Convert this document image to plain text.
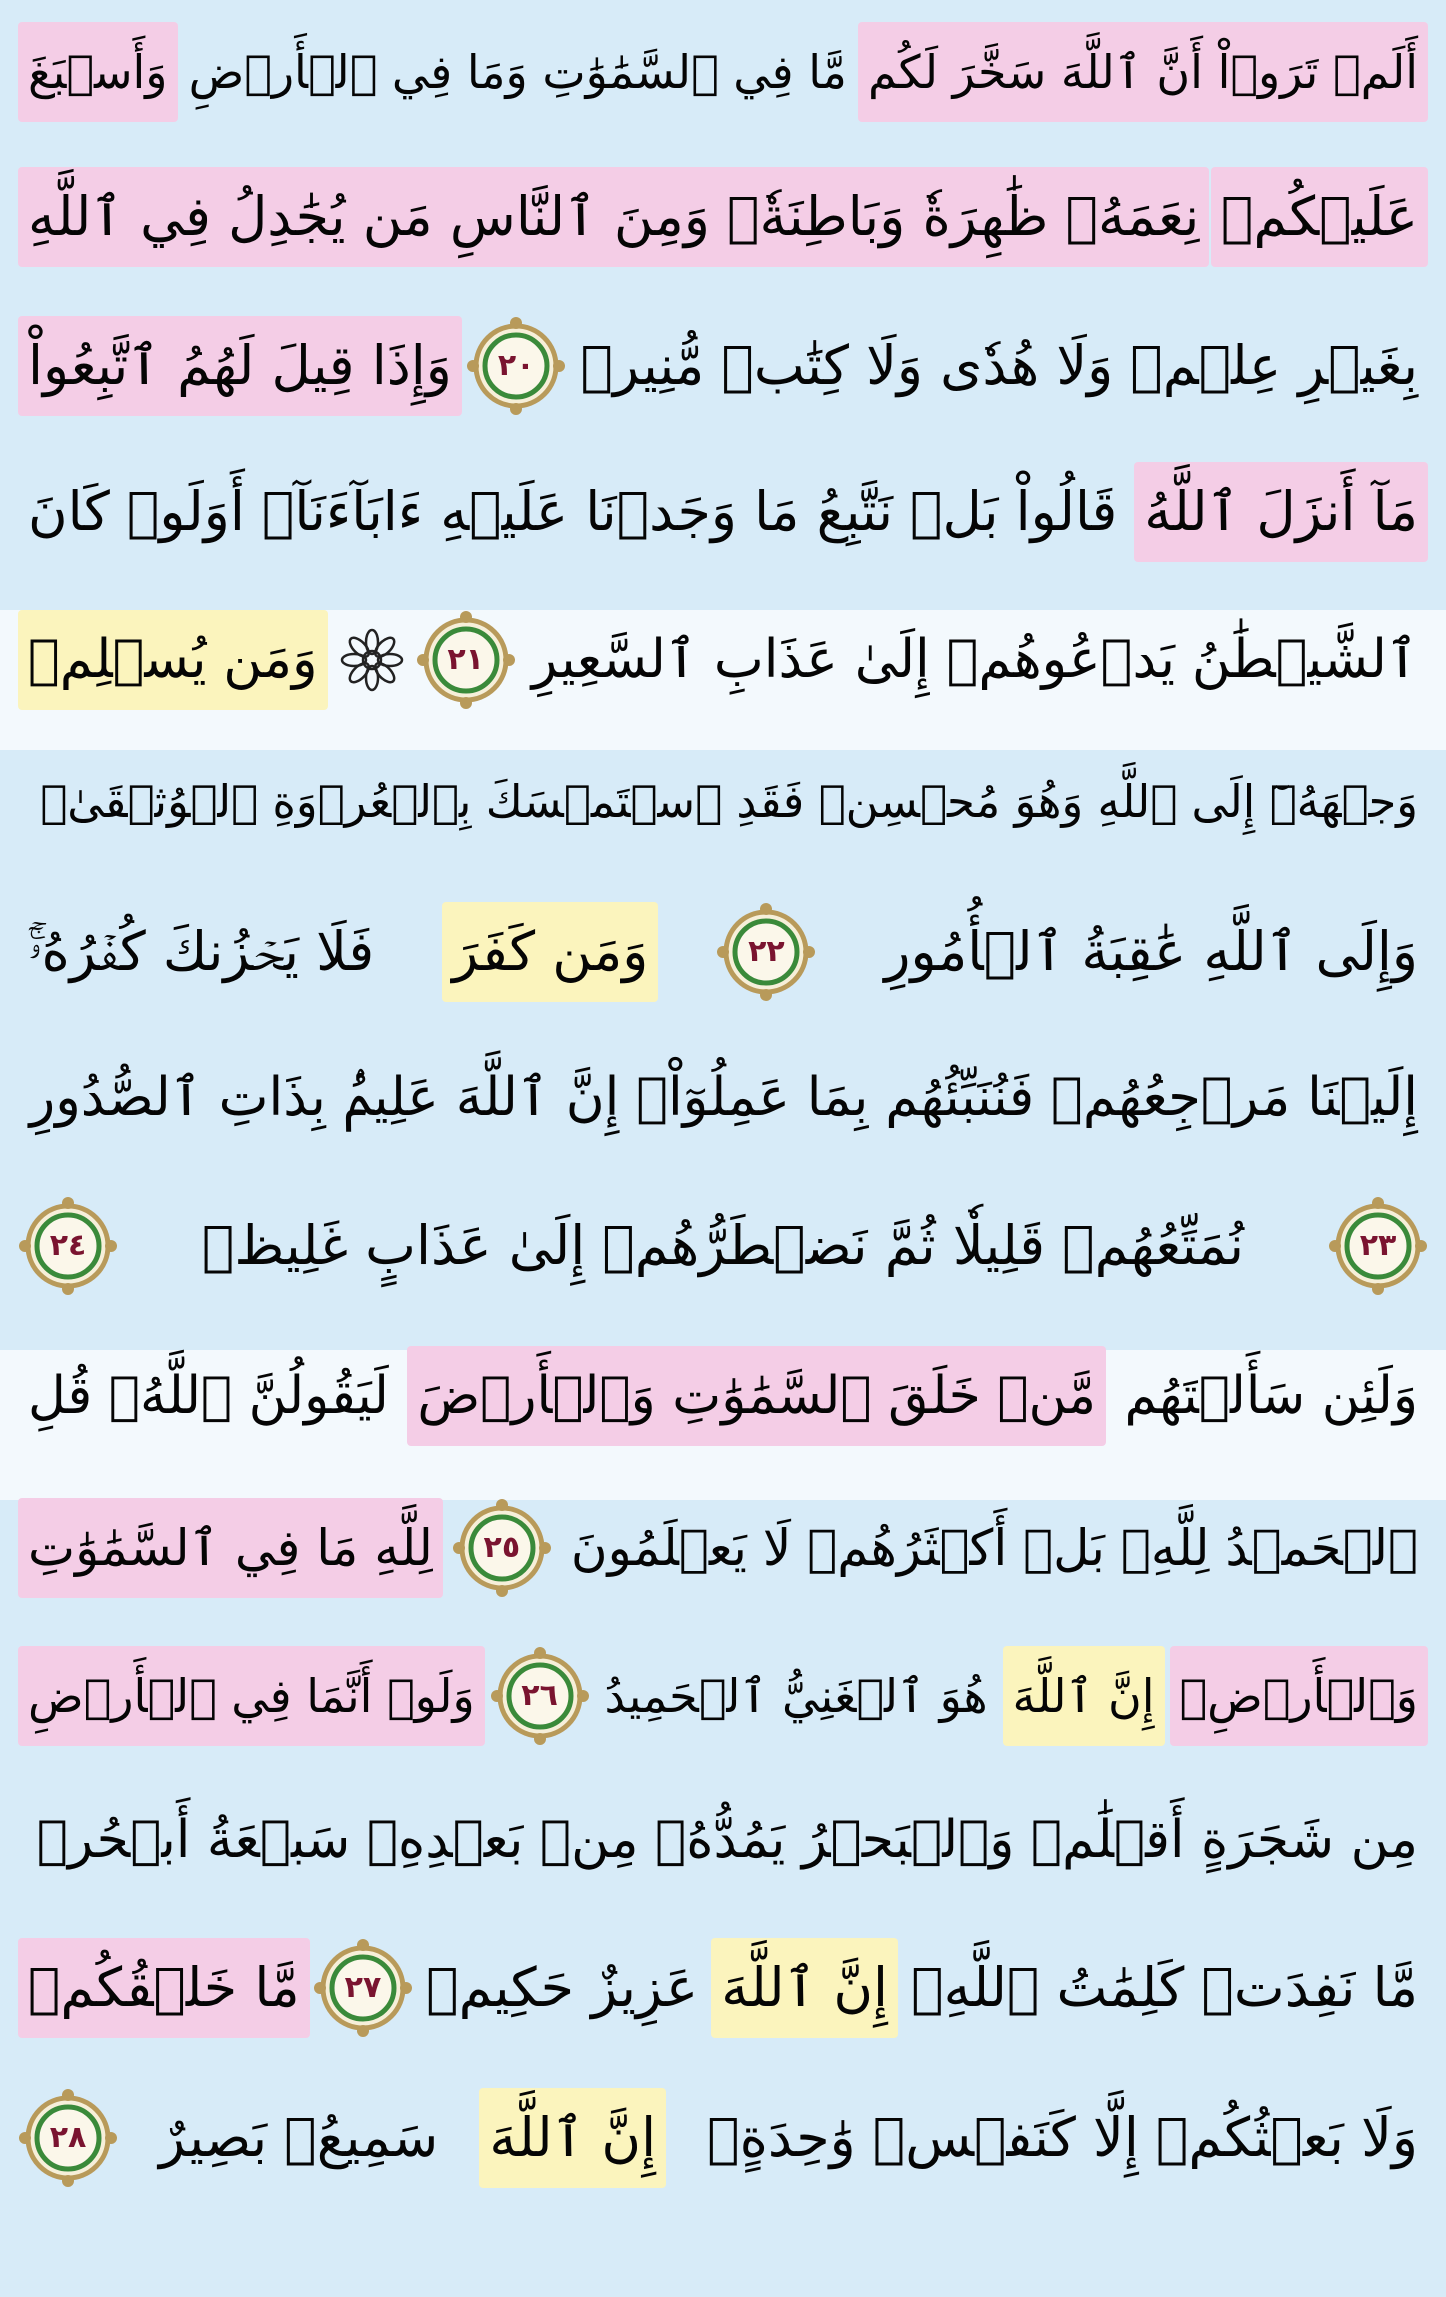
أَلَمۡ تَرَوۡاْ أَنَّ ٱللَّهَ سَخَّرَ لَكُم
مَّا فِي ٱلسَّمَٰوَٰتِ وَمَا فِي ٱلۡأَرۡضِ
وَأَسۡبَغَ
عَلَيۡكُمۡ
نِعَمَهُۥ ظَٰهِرَةٗ وَبَاطِنَةٗۗ وَمِنَ ٱلنَّاسِ مَن يُجَٰدِلُ فِي ٱللَّهِ
بِغَيۡرِ عِلۡمٖ وَلَا هُدٗى وَلَا كِتَٰبٖ مُّنِيرٖ
٢٠
وَإِذَا قِيلَ لَهُمُ ٱتَّبِعُواْ
مَآ أَنزَلَ ٱللَّهُ
قَالُواْ بَلۡ نَتَّبِعُ مَا وَجَدۡنَا عَلَيۡهِ ءَابَآءَنَآۚ أَوَلَوۡ كَانَ
ٱلشَّيۡطَٰنُ يَدۡعُوهُمۡ إِلَىٰ عَذَابِ ٱلسَّعِيرِ
٢١
وَمَن يُسۡلِمۡ
وَجۡهَهُۥٓ إِلَى ٱللَّهِ وَهُوَ مُحۡسِنٞ فَقَدِ ٱسۡتَمۡسَكَ بِٱلۡعُرۡوَةِ ٱلۡوُثۡقَىٰۗ
وَإِلَى ٱللَّهِ عَٰقِبَةُ ٱلۡأُمُورِ
٢٢
وَمَن كَفَرَ
فَلَا يَحۡزُنكَ كُفۡرُهُۥٓۚ
إِلَيۡنَا مَرۡجِعُهُمۡ فَنُنَبِّئُهُم بِمَا عَمِلُوٓاْۚ إِنَّ ٱللَّهَ عَلِيمُۢ بِذَاتِ ٱلصُّدُورِ
٢٣
نُمَتِّعُهُمۡ قَلِيلٗا ثُمَّ نَضۡطَرُّهُمۡ إِلَىٰ عَذَابٍ غَلِيظٖ
٢٤
وَلَئِن سَأَلۡتَهُم
مَّنۡ خَلَقَ ٱلسَّمَٰوَٰتِ وَٱلۡأَرۡضَ
لَيَقُولُنَّ ٱللَّهُۚ قُلِ
ٱلۡحَمۡدُ لِلَّهِۚ بَلۡ أَكۡثَرُهُمۡ لَا يَعۡلَمُونَ
٢٥
لِلَّهِ مَا فِي ٱلسَّمَٰوَٰتِ
وَٱلۡأَرۡضِۚ
إِنَّ ٱللَّهَ
هُوَ ٱلۡغَنِيُّ ٱلۡحَمِيدُ
٢٦
وَلَوۡ أَنَّمَا فِي ٱلۡأَرۡضِ
مِن شَجَرَةٍ أَقۡلَٰمٞ وَٱلۡبَحۡرُ يَمُدُّهُۥ مِنۢ بَعۡدِهِۦ سَبۡعَةُ أَبۡحُرٖ
مَّا نَفِدَتۡ كَلِمَٰتُ ٱللَّهِۚ
إِنَّ ٱللَّهَ
عَزِيزٌ حَكِيمٞ
٢٧
مَّا خَلۡقُكُمۡ
وَلَا بَعۡثُكُمۡ إِلَّا كَنَفۡسٖ وَٰحِدَةٍۗ
إِنَّ ٱللَّهَ
سَمِيعُۢ بَصِيرٌ
٢٨
